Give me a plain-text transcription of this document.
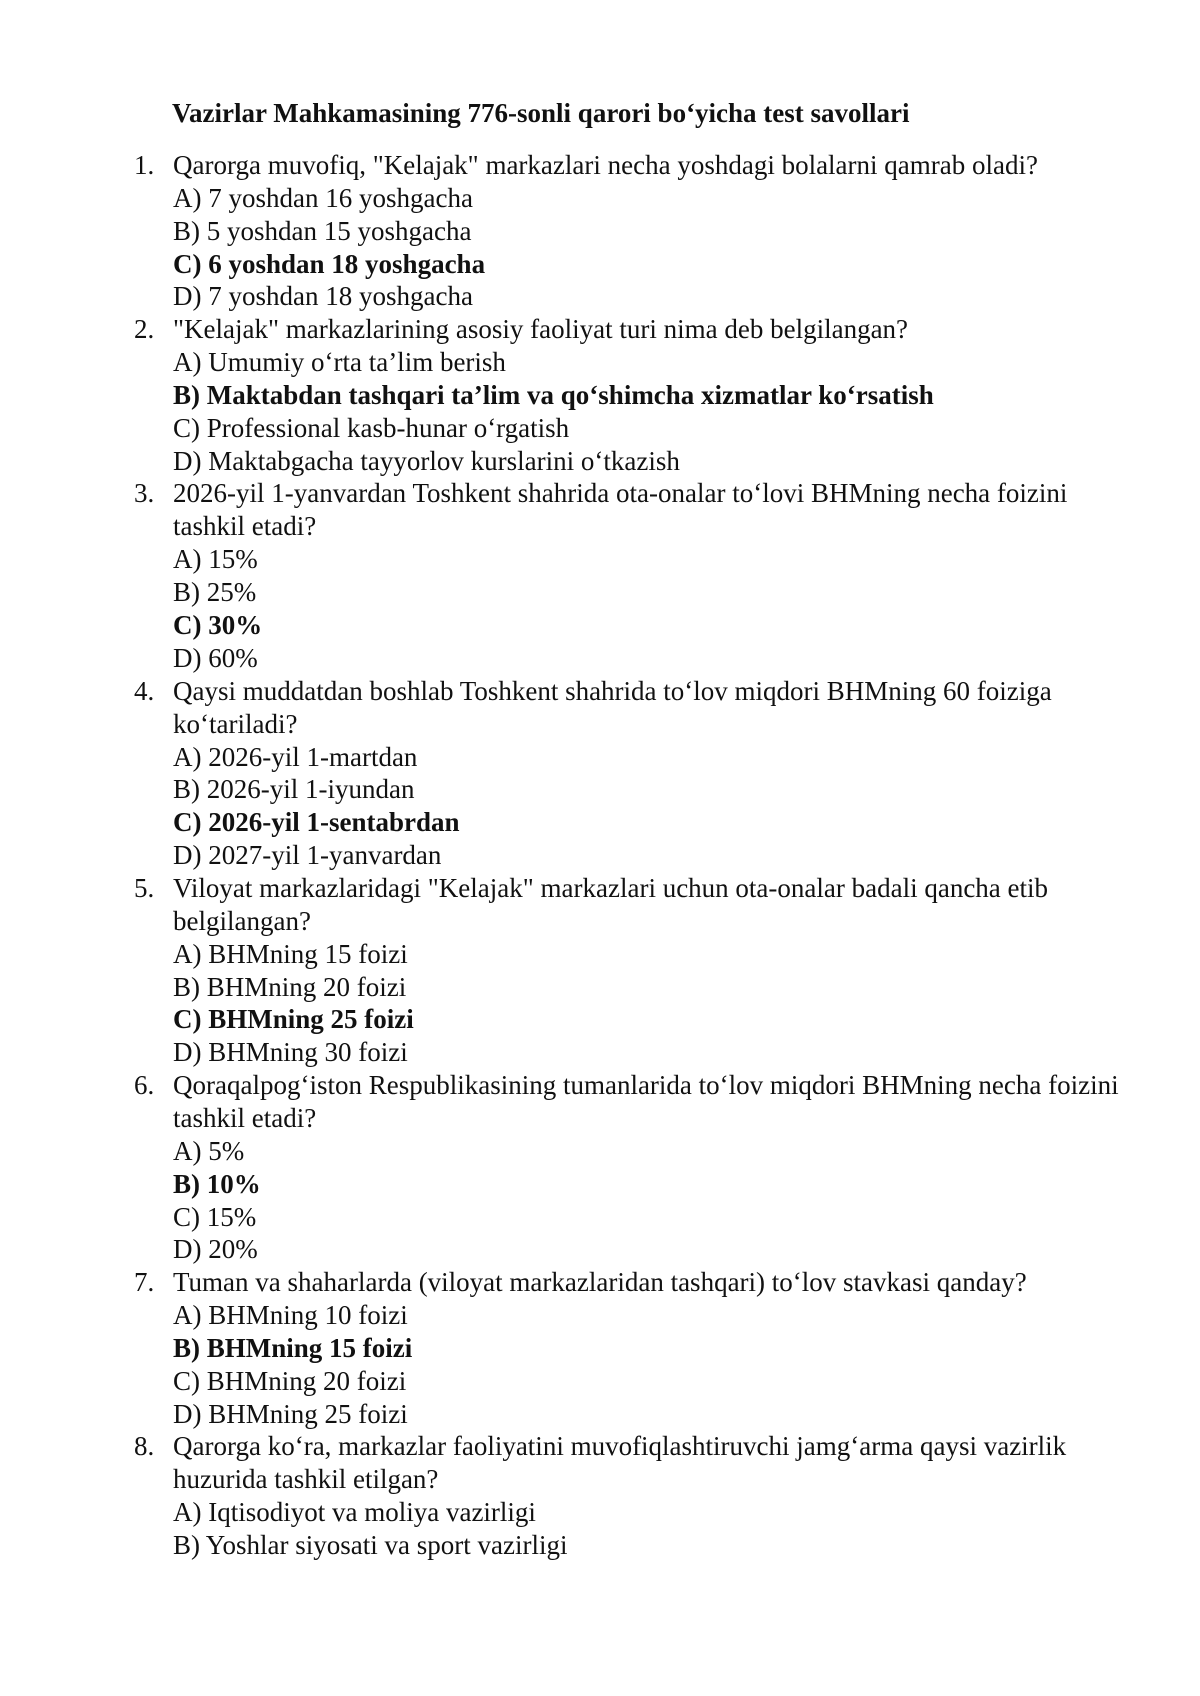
Vazirlar Mahkamasining 776-sonli qarori bo‘yicha test savollari
1. Qarorga muvofiq, "Kelajak" markazlari necha yoshdagi bolalarni qamrab oladi?
A) 7 yoshdan 16 yoshgacha
B) 5 yoshdan 15 yoshgacha
C) 6 yoshdan 18 yoshgacha
D) 7 yoshdan 18 yoshgacha
2. "Kelajak" markazlarining asosiy faoliyat turi nima deb belgilangan?
A) Umumiy o‘rta ta’lim berish
B) Maktabdan tashqari ta’lim va qo‘shimcha xizmatlar ko‘rsatish
C) Professional kasb-hunar o‘rgatish
D) Maktabgacha tayyorlov kurslarini o‘tkazish
3. 2026-yil 1-yanvardan Toshkent shahrida ota-onalar to‘lovi BHMning necha foizini tashkil etadi?
A) 15%
B) 25%
C) 30%
D) 60%
4. Qaysi muddatdan boshlab Toshkent shahrida to‘lov miqdori BHMning 60 foiziga ko‘tariladi?
A) 2026-yil 1-martdan
B) 2026-yil 1-iyundan
C) 2026-yil 1-sentabrdan
D) 2027-yil 1-yanvardan
5. Viloyat markazlaridagi "Kelajak" markazlari uchun ota-onalar badali qancha etib belgilangan?
A) BHMning 15 foizi
B) BHMning 20 foizi
C) BHMning 25 foizi
D) BHMning 30 foizi
6. Qoraqalpog‘iston Respublikasining tumanlarida to‘lov miqdori BHMning necha foizini tashkil etadi?
A) 5%
B) 10%
C) 15%
D) 20%
7. Tuman va shaharlarda (viloyat markazlaridan tashqari) to‘lov stavkasi qanday?
A) BHMning 10 foizi
B) BHMning 15 foizi
C) BHMning 20 foizi
D) BHMning 25 foizi
8. Qarorga ko‘ra, markazlar faoliyatini muvofiqlashtiruvchi jamg‘arma qaysi vazirlik huzurida tashkil etilgan?
A) Iqtisodiyot va moliya vazirligi
B) Yoshlar siyosati va sport vazirligi
